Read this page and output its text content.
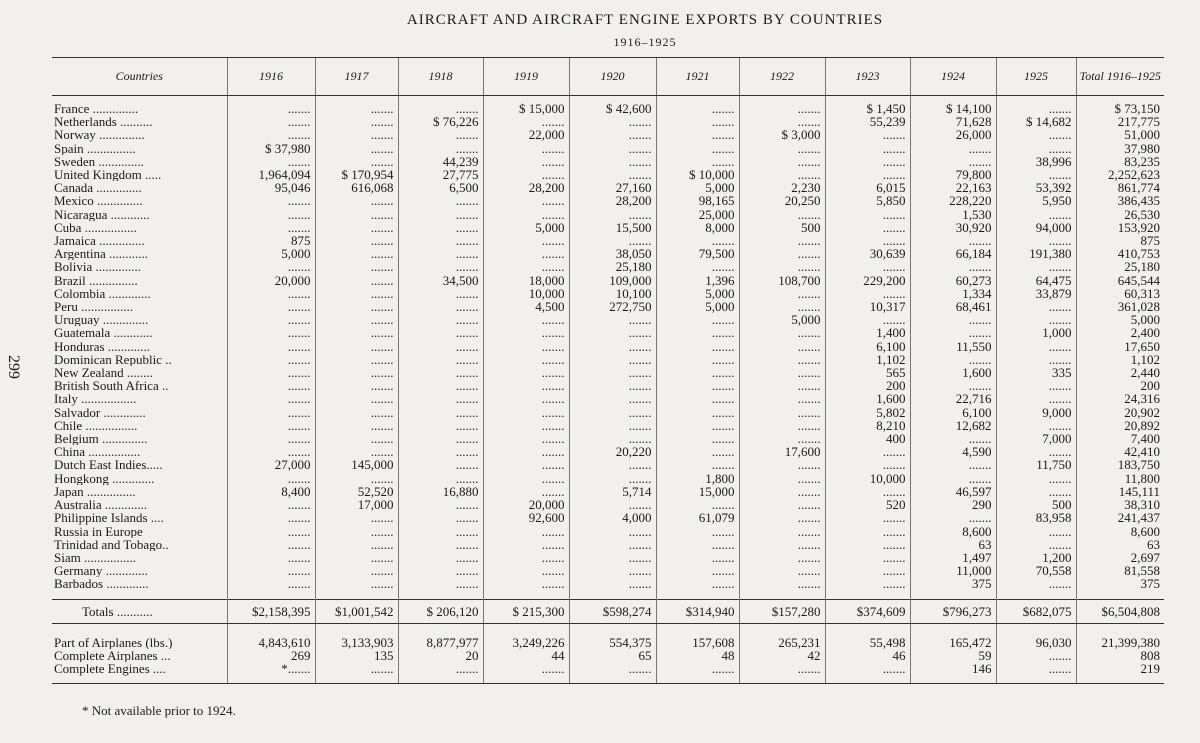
AIRCRAFT AND AIRCRAFT ENGINE EXPORTS BY COUNTRIES
1916–1925
299
Countries	1916	1917	1918	1919	1920	1921	1922	1923	1924	1925	Total 1916–1925
France ..............	.......	.......	.......	$ 15,000	$ 42,600	.......	.......	$ 1,450	$ 14,100	.......	$ 73,150
Netherlands ..........	.......	.......	$ 76,226	.......	.......	.......	.......	55,239	71,628	$ 14,682	217,775
Norway ..............	.......	.......	.......	22,000	.......	.......	$ 3,000	.......	26,000	.......	51,000
Spain ...............	$ 37,980	.......	.......	.......	.......	.......	.......	.......	.......	.......	37,980
Sweden ..............	.......	.......	44,239	.......	.......	.......	.......	.......	.......	38,996	83,235
United Kingdom .....	1,964,094	$ 170,954	27,775	.......	.......	$ 10,000	.......	.......	79,800	.......	2,252,623
Canada ..............	95,046	616,068	6,500	28,200	27,160	5,000	2,230	6,015	22,163	53,392	861,774
Mexico ..............	.......	.......	.......	.......	28,200	98,165	20,250	5,850	228,220	5,950	386,435
Nicaragua ............	.......	.......	.......	.......	.......	25,000	.......	.......	1,530	.......	26,530
Cuba ................	.......	.......	.......	5,000	15,500	8,000	500	.......	30,920	94,000	153,920
Jamaica ..............	875	.......	.......	.......	.......	.......	.......	.......	.......	.......	875
Argentina ............	5,000	.......	.......	.......	38,050	79,500	.......	30,639	66,184	191,380	410,753
Bolivia ..............	.......	.......	.......	.......	25,180	.......	.......	.......	.......	.......	25,180
Brazil ...............	20,000	.......	34,500	18,000	109,000	1,396	108,700	229,200	60,273	64,475	645,544
Colombia .............	.......	.......	.......	10,000	10,100	5,000	.......	.......	1,334	33,879	60,313
Peru ................	.......	.......	.......	4,500	272,750	5,000	.......	10,317	68,461	.......	361,028
Uruguay ..............	.......	.......	.......	.......	.......	.......	5,000	.......	.......	.......	5,000
Guatemala ............	.......	.......	.......	.......	.......	.......	.......	1,400	.......	1,000	2,400
Honduras .............	.......	.......	.......	.......	.......	.......	.......	6,100	11,550	.......	17,650
Dominican Republic ..	.......	.......	.......	.......	.......	.......	.......	1,102	.......	.......	1,102
New Zealand ........	.......	.......	.......	.......	.......	.......	.......	565	1,600	335	2,440
British South Africa ..	.......	.......	.......	.......	.......	.......	.......	200	.......	.......	200
Italy .................	.......	.......	.......	.......	.......	.......	.......	1,600	22,716	.......	24,316
Salvador .............	.......	.......	.......	.......	.......	.......	.......	5,802	6,100	9,000	20,902
Chile ................	.......	.......	.......	.......	.......	.......	.......	8,210	12,682	.......	20,892
Belgium ..............	.......	.......	.......	.......	.......	.......	.......	400	.......	7,000	7,400
China ................	.......	.......	.......	.......	20,220	.......	17,600	.......	4,590	.......	42,410
Dutch East Indies.....	27,000	145,000	.......	.......	.......	.......	.......	.......	.......	11,750	183,750
Hongkong .............	.......	.......	.......	.......	.......	1,800	.......	10,000	.......	.......	11,800
Japan ...............	8,400	52,520	16,880	.......	5,714	15,000	.......	.......	46,597	.......	145,111
Australia .............	.......	17,000	.......	20,000	.......	.......	.......	520	290	500	38,310
Philippine Islands ....	.......	.......	.......	92,600	4,000	61,079	.......	.......	.......	83,958	241,437
Russia in Europe	.......	.......	.......	.......	.......	.......	.......	.......	8,600	.......	8,600
Trinidad and Tobago..	.......	.......	.......	.......	.......	.......	.......	.......	63	.......	63
Siam ................	.......	.......	.......	.......	.......	.......	.......	.......	1,497	1,200	2,697
Germany .............	.......	.......	.......	.......	.......	.......	.......	.......	11,000	70,558	81,558
Barbados .............	.......	.......	.......	.......	.......	.......	.......	.......	375	.......	375

Totals ...........	$2,158,395	$1,001,542	$ 206,120	$ 215,300	$598,274	$314,940	$157,280	$374,609	$796,273	$682,075	$6,504,808

Part of Airplanes (lbs.)	4,843,610	3,133,903	8,877,977	3,249,226	554,375	157,608	265,231	55,498	165,472	96,030	21,399,380
Complete Airplanes ...	269	135	20	44	65	48	42	46	59	.......	808
Complete Engines ....	*.......	.......	.......	.......	.......	.......	.......	.......	146	.......	219
* Not available prior to 1924.
